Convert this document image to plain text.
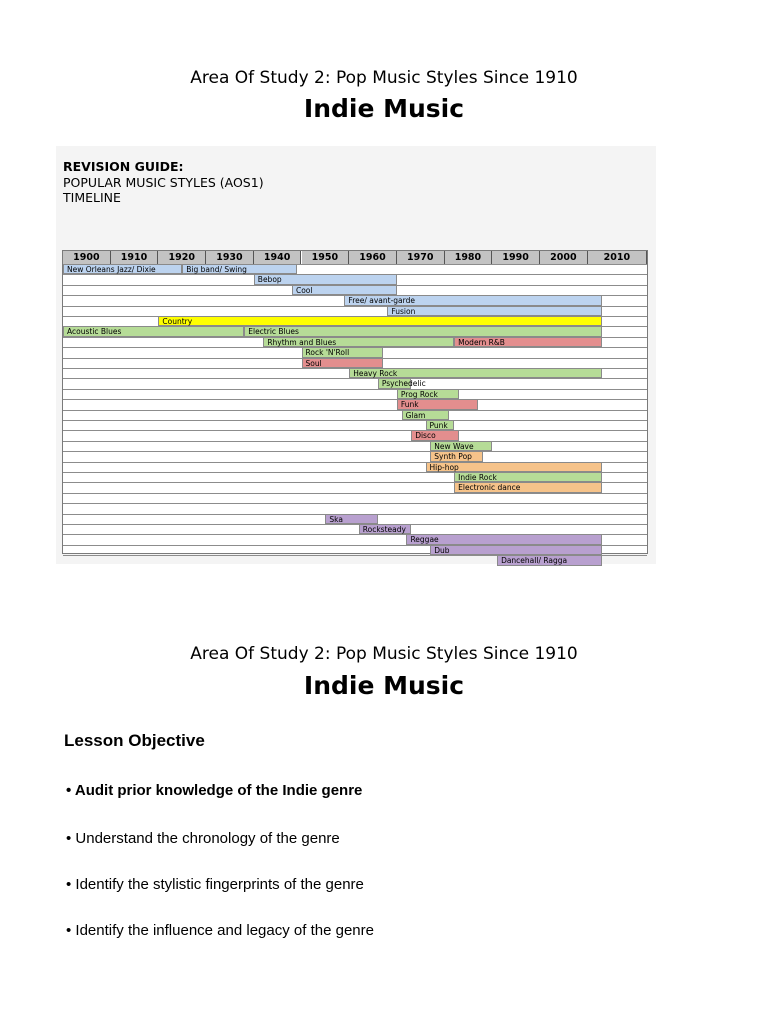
Area Of Study 2: Pop Music Styles Since 1910
Indie Music
REVISION GUIDE:
POPULAR MUSIC STYLES (AOS1)
TIMELINE
1900	1910	1920	1930	1940	1950	1960	1970	1980	1990	2000	2010
New Orleans Jazz/ Dixie	Big band/ Swing
Bebop
Cool
Free/ avant-garde
Fusion
Country
Acoustic Blues	Electric Blues
Rhythm and Blues	Modern R&B
Rock 'N'Roll
Soul
Heavy Rock
Psychedelic
Prog Rock
Funk
Glam
Punk
Disco
New Wave
Synth Pop
Hip-hop
Indie Rock
Electronic dance
Ska
Rocksteady
Reggae
Dub
Dancehall/ Ragga
Area Of Study 2: Pop Music Styles Since 1910
Indie Music
Lesson Objective
• Audit prior knowledge of the Indie genre
• Understand the chronology of the genre
• Identify the stylistic fingerprints of the genre
• Identify the influence and legacy of the genre
